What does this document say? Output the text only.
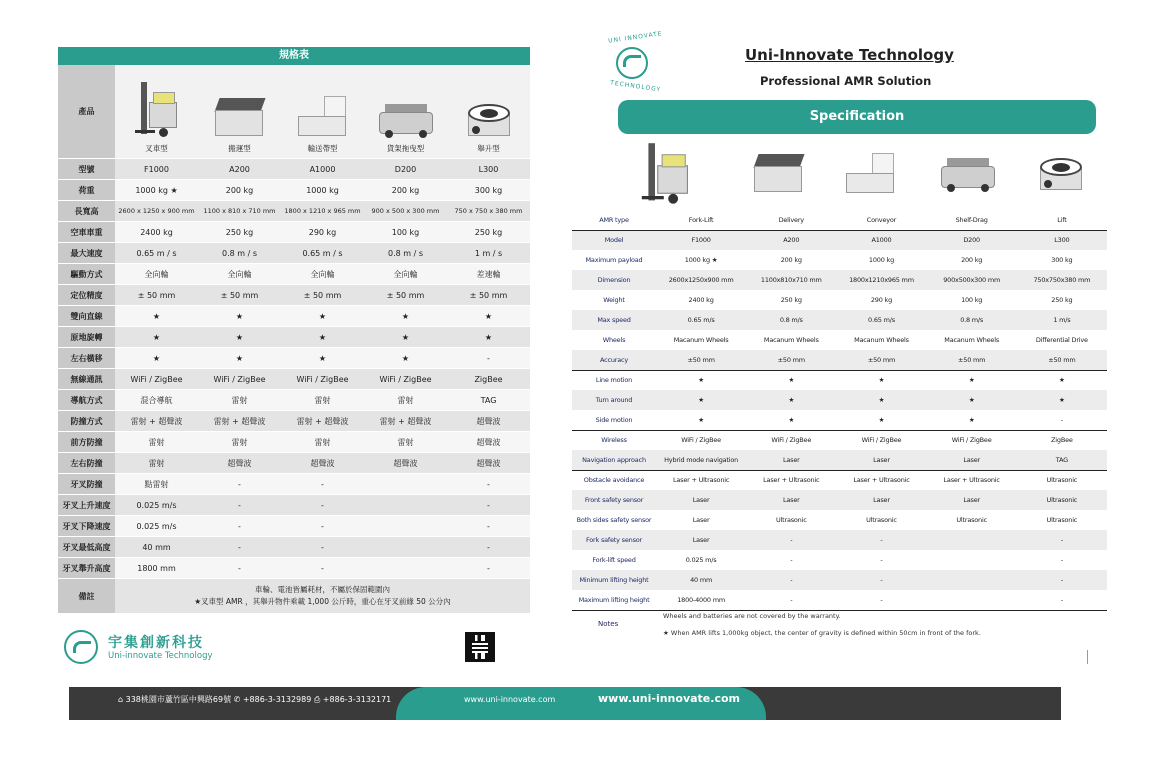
規格表
產品	叉車型	搬運型	輸送帶型	貨架拖曳型	舉升型

型號	F1000	A200	A1000	D200	L300
荷重	1000 kg ★	200 kg	1000 kg	200 kg	300 kg
長寬高	2600 x 1250 x 900 mm	1100 x 810 x 710 mm	1800 x 1210 x 965 mm	900 x 500 x 300 mm	750 x 750 x 380 mm
空車車重	2400 kg	250 kg	290 kg	100 kg	250 kg
最大速度	0.65 m / s	0.8 m / s	0.65 m / s	0.8 m / s	1 m / s
驅動方式	全向輪	全向輪	全向輪	全向輪	差速輪
定位精度	± 50 mm	± 50 mm	± 50 mm	± 50 mm	± 50 mm
雙向直線	★	★	★	★	★
原地旋轉	★	★	★	★	★
左右橫移	★	★	★	★	-
無線通訊	WiFi / ZigBee	WiFi / ZigBee	WiFi / ZigBee	WiFi / ZigBee	ZigBee
導航方式	混合導航	雷射	雷射	雷射	TAG
防撞方式	雷射 + 超聲波	雷射 + 超聲波	雷射 + 超聲波	雷射 + 超聲波	超聲波
前方防撞	雷射	雷射	雷射	雷射	超聲波
左右防撞	雷射	超聲波	超聲波	超聲波	超聲波
牙叉防撞	點雷射	-	-		-
牙叉上升速度	0.025 m/s	-	-		-
牙叉下降速度	0.025 m/s	-	-		-
牙叉最低高度	40 mm	-	-		-
牙叉舉升高度	1800 mm	-	-		-
備註	車輪、電池皆屬耗材，不屬於保固範圍內
★叉車型 AMR ，其舉升物件乘載 1,000 公斤時，重心在牙叉前緣 50 公分內				
宇集創新科技
Uni-innovate Technology
⌂ 338桃園市蘆竹區中興路69號 ✆ +886-3-3132989 ⎙ +886-3-3132171	www.uni-innovate.com	www.uni-innovate.com
UNI INNOVATE
TECHNOLOGY
Uni-Innovate Technology
Professional AMR Solution
Specification
AMR type	Fork-Lift	Delivery	Conveyor	Shelf-Drag	Lift
Model	F1000	A200	A1000	D200	L300
Maximum payload	1000 kg ★	200 kg	1000 kg	200 kg	300 kg
Dimension	2600x1250x900 mm	1100x810x710 mm	1800x1210x965 mm	900x500x300 mm	750x750x380 mm
Weight	2400 kg	250 kg	290 kg	100 kg	250 kg
Max speed	0.65 m/s	0.8 m/s	0.65 m/s	0.8 m/s	1 m/s
Wheels	Macanum Wheels	Macanum Wheels	Macanum Wheels	Macanum Wheels	Differential Drive
Accuracy	±50 mm	±50 mm	±50 mm	±50 mm	±50 mm
Line motion	★	★	★	★	★
Turn around	★	★	★	★	★
Side motion	★	★	★	★	-
Wireless	WiFi / ZigBee	WiFi / ZigBee	WiFi / ZigBee	WiFi / ZigBee	ZigBee
Navigation approach	Hybrid mode navigation	Laser	Laser	Laser	TAG
Obstacle avoidance	Laser + Ultrasonic	Laser + Ultrasonic	Laser + Ultrasonic	Laser + Ultrasonic	Ultrasonic
Front safety sensor	Laser	Laser	Laser	Laser	Ultrasonic
Both sides safety sensor	Laser	Ultrasonic	Ultrasonic	Ultrasonic	Ultrasonic
Fork safety sensor	Laser	-	-		-
Fork-lift speed	0.025 m/s	-	-		-
Minimum lifting height	40 mm	-	-		-
Maximum lifting height	1800-4000 mm	-	-		-
Notes
Wheels and batteries are not covered by the warranty.
★ When AMR lifts 1,000kg object, the center of gravity is defined within 50cm in front of the fork.
